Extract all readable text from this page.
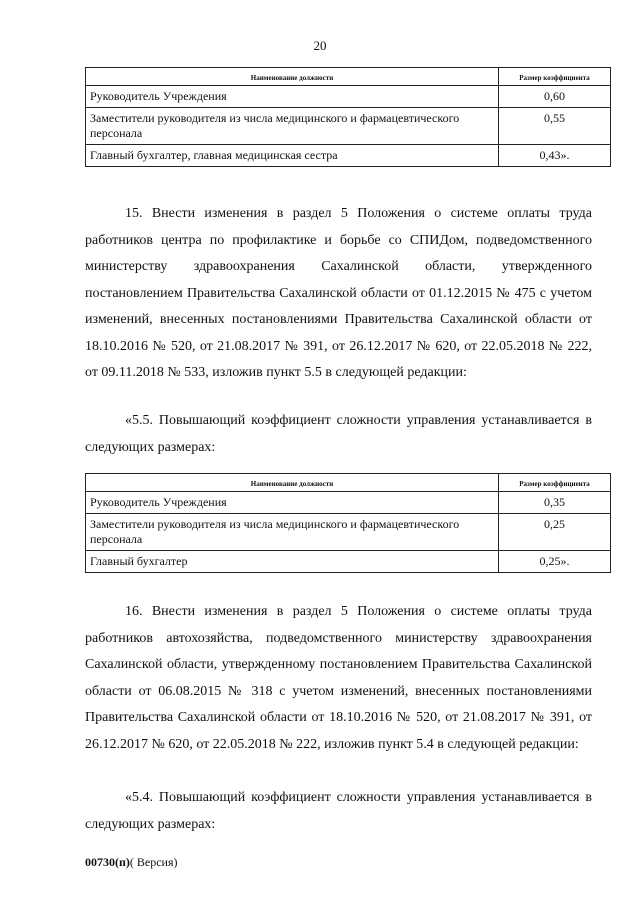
20
Наименование должности	Размер коэффициента
Руководитель Учреждения	0,60
Заместители руководителя из числа медицинского и фармацевтического персонала	0,55
Главный бухгалтер, главная медицинская сестра	0,43».

15. Внести изменения в раздел 5 Положения о системе оплаты труда работников центра по профилактике и борьбе со СПИДом, подведомственного министерству здравоохранения Сахалинской области, утвержденного постановлением Правительства Сахалинской области от 01.12.2015 № 475 с учетом изменений, внесенных постановлениями Правительства Сахалинской области от 18.10.2016 № 520, от 21.08.2017 № 391, от 26.12.2017 № 620, от 22.05.2018 № 222, от 09.11.2018 № 533, изложив пункт 5.5 в следующей редакции:

«5.5. Повышающий коэффициент сложности управления устанавливается в следующих размерах:

Наименование должности	Размер коэффициента
Руководитель Учреждения	0,35
Заместители руководителя из числа медицинского и фармацевтического персонала	0,25
Главный бухгалтер	0,25».

16. Внести изменения в раздел 5 Положения о системе оплаты труда работников автохозяйства, подведомственного министерству здравоохранения Сахалинской области, утвержденному постановлением Правительства Сахалинской области от 06.08.2015 № 318 с учетом изменений, внесенных постановлениями Правительства Сахалинской области от 18.10.2016 № 520, от 21.08.2017 № 391, от 26.12.2017 № 620, от 22.05.2018 № 222, изложив пункт 5.4 в следующей редакции:

«5.4. Повышающий коэффициент сложности управления устанавливается в следующих размерах:

00730(п)( Версия)
